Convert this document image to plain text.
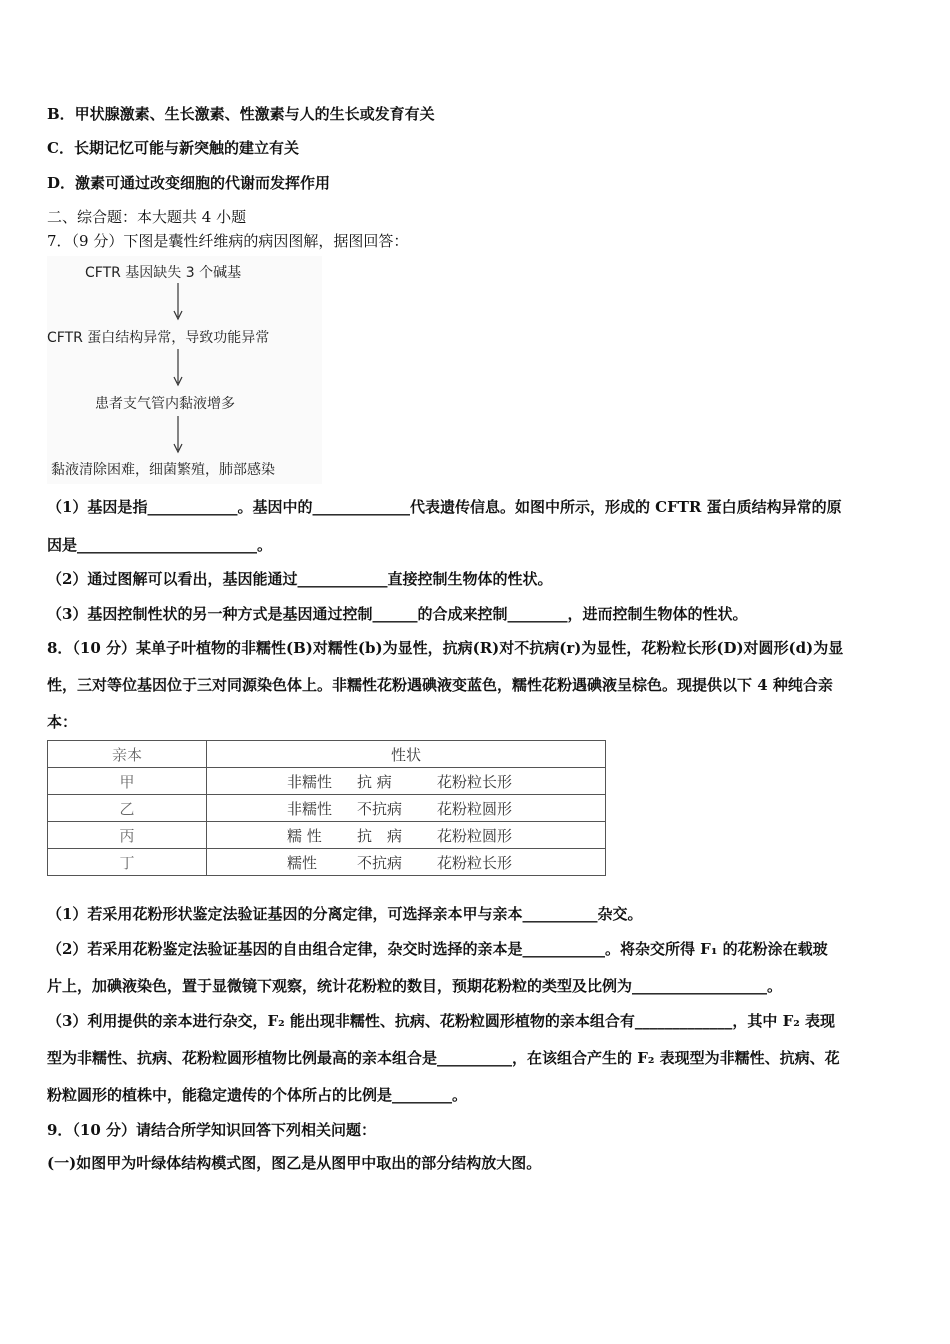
B．甲状腺激素、生长激素、性激素与人的生长或发育有关
C．长期记忆可能与新突触的建立有关
D．激素可通过改变细胞的代谢而发挥作用
二、综合题：本大题共 4 小题
7．（9 分）下图是囊性纤维病的病因图解，据图回答：
CFTR 基因缺失 3 个碱基
CFTR 蛋白结构异常，导致功能异常
患者支气管内黏液增多
黏液清除困难，细菌繁殖，肺部感染
（1）基因是指____________。基因中的_____________代表遗传信息。如图中所示，形成的 CFTR 蛋白质结构异常的原
因是________________________。
（2）通过图解可以看出，基因能通过____________直接控制生物体的性状。
（3）基因控制性状的另一种方式是基因通过控制______的合成来控制________，进而控制生物体的性状。
8．（10 分）某单子叶植物的非糯性(B)对糯性(b)为显性，抗病(R)对不抗病(r)为显性，花粉粒长形(D)对圆形(d)为显
性，三对等位基因位于三对同源染色体上。非糯性花粉遇碘液变蓝色，糯性花粉遇碘液呈棕色。现提供以下 4 种纯合亲
本：
亲本	性状
甲	非糯性 抗 病 花粉粒长形
乙	非糯性 不抗病 花粉粒圆形
丙	糯 性 抗　病 花粉粒圆形
丁	糯性 不抗病 花粉粒长形
（1）若采用花粉形状鉴定法验证基因的分离定律，可选择亲本甲与亲本__________杂交。
（2）若采用花粉鉴定法验证基因的自由组合定律，杂交时选择的亲本是___________。将杂交所得 F₁ 的花粉涂在载玻
片上，加碘液染色，置于显微镜下观察，统计花粉粒的数目，预期花粉粒的类型及比例为__________________。
（3）利用提供的亲本进行杂交，F₂ 能出现非糯性、抗病、花粉粒圆形植物的亲本组合有_____________，其中 F₂ 表现
型为非糯性、抗病、花粉粒圆形植物比例最高的亲本组合是__________，在该组合产生的 F₂ 表现型为非糯性、抗病、花
粉粒圆形的植株中，能稳定遗传的个体所占的比例是________。
9．（10 分）请结合所学知识回答下列相关问题：
(一)如图甲为叶绿体结构模式图，图乙是从图甲中取出的部分结构放大图。
